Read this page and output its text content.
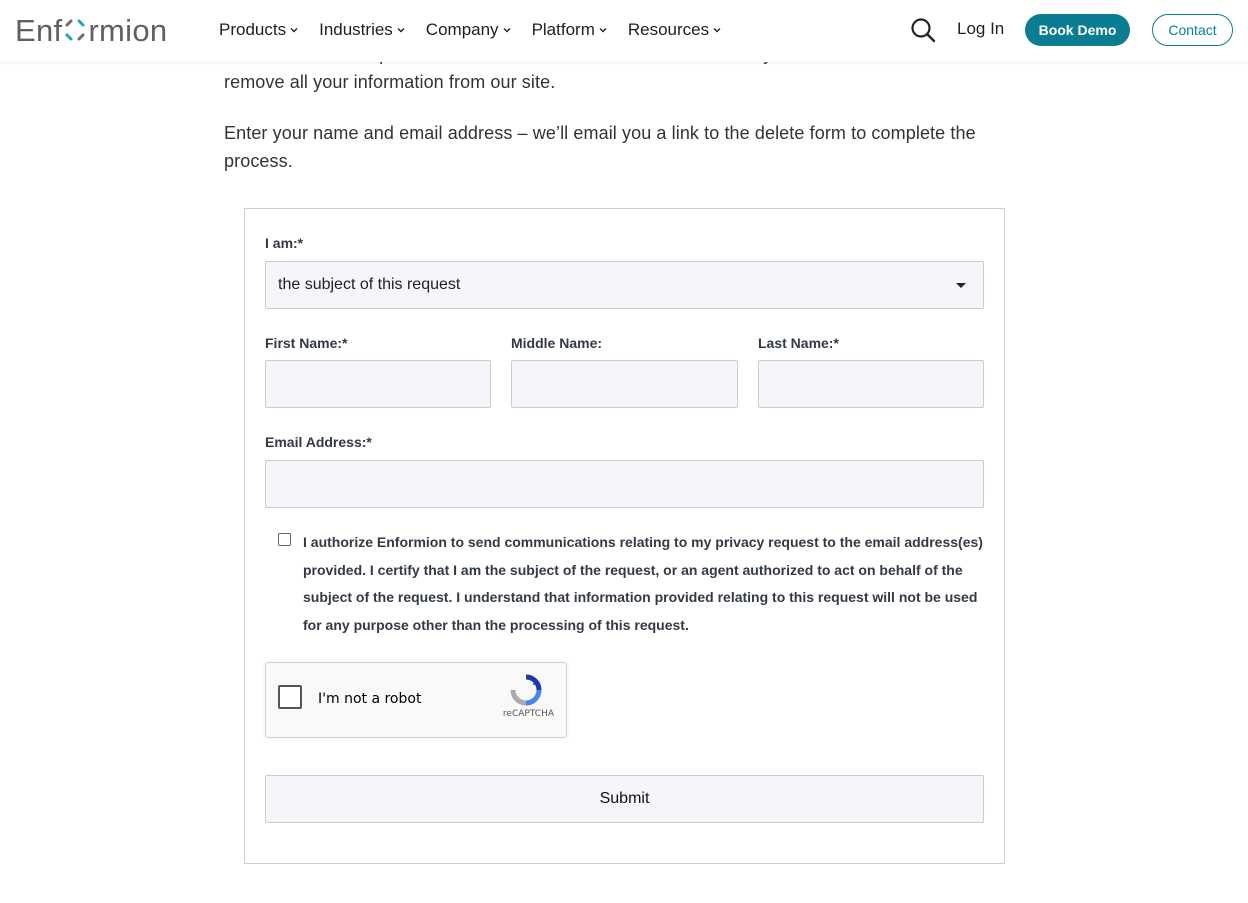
remove all your information from our site.

Enter your name and email address – we’ll email you a link to the delete form to complete the process.

Enf rmion	Products Industries Company Platform Resources	Log In	Book Demo	Contact
I am:*
the subject of this request
First Name:*	Middle Name:	Last Name:*
Email Address:*
I authorize Enformion to send communications relating to my privacy request to the email address(es) provided. I certify that I am the subject of the request, or an agent authorized to act on behalf of the subject of the request. I understand that information provided relating to this request will not be used for any purpose other than the processing of this request.
I'm not a robot
reCAPTCHA
Submit
